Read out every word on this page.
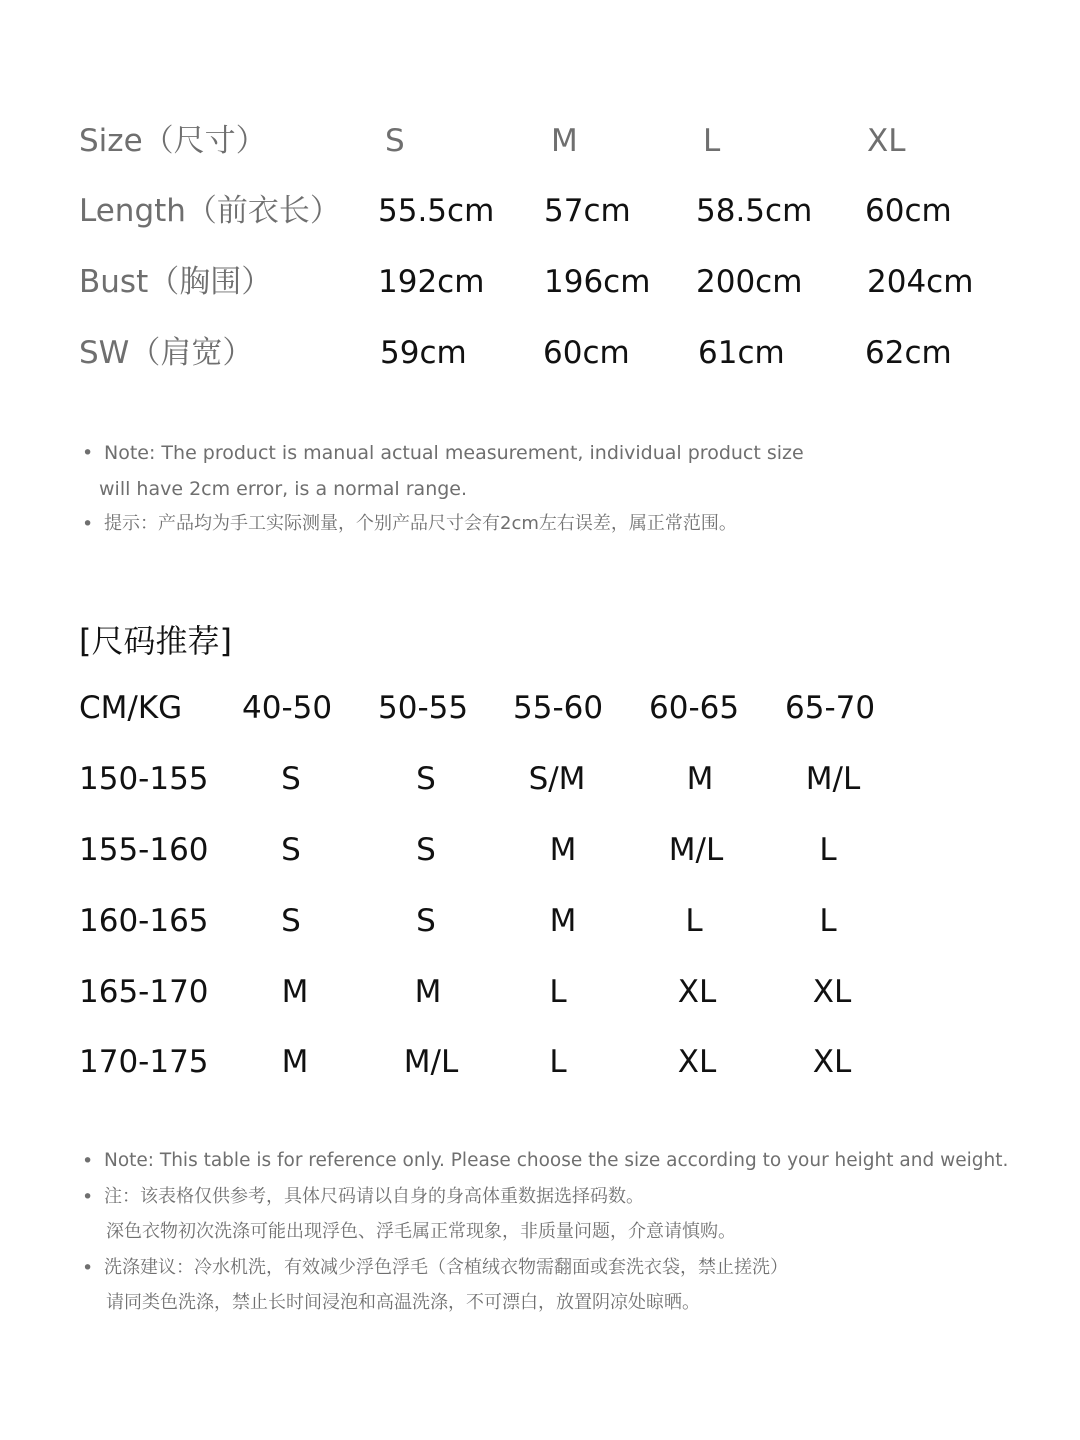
Size（尺寸）	S	M	L	XL
Length（前衣长） 55.5cm 57cm 58.5cm 60cm
Bust（胸围）	192cm 196cm 200cm 204cm
SW（肩宽）	59cm 60cm 61cm	62cm
• Note: The product is manual actual measurement, individual product size
will have 2cm error, is a normal range.
• 提示：产品均为手工实际测量，个别产品尺寸会有2cm左右误差，属正常范围。
[尺码推荐]
CM/KG 40-50 50-55 55-60 60-65 65-70
150-155	S	S	S/M	M	M/L
155-160	S	S	M	M/L	L
160-165	S	S	M	L	L
165-170	M	M	L	XL	XL
170-175	M	M/L	L	XL	XL
• Note: This table is for reference only. Please choose the size according to your height and weight.
• 注：该表格仅供参考，具体尺码请以自身的身高体重数据选择码数。
深色衣物初次洗涤可能出现浮色、浮毛属正常现象，非质量问题，介意请慎购。
• 洗涤建议：冷水机洗，有效减少浮色浮毛（含植绒衣物需翻面或套洗衣袋，禁止搓洗）
请同类色洗涤，禁止长时间浸泡和高温洗涤，不可漂白，放置阴凉处晾晒。
